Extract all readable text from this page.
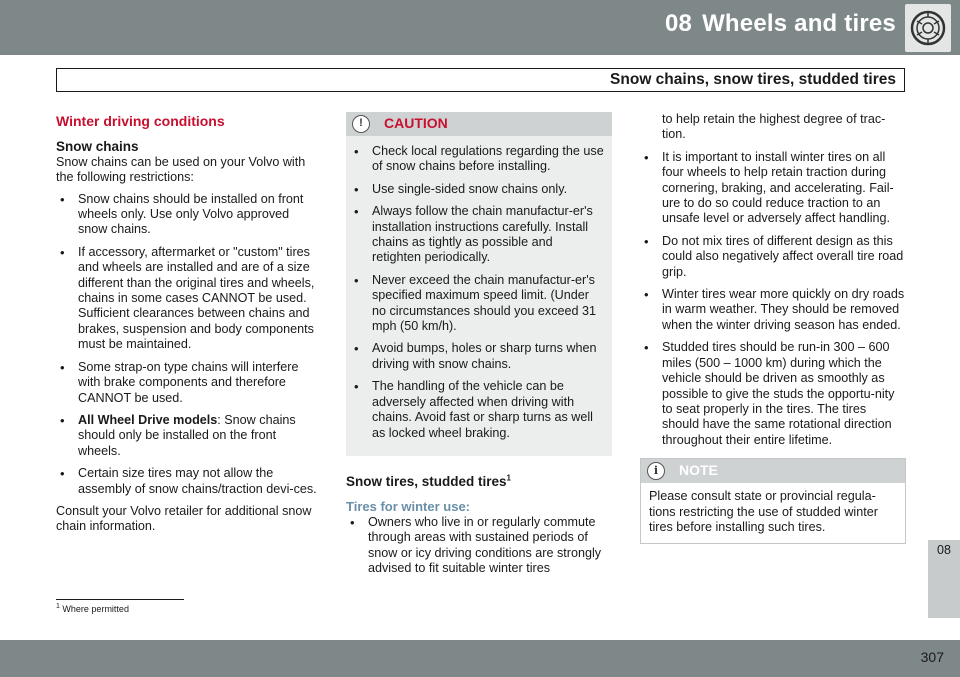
08 Wheels and tires
Snow chains, snow tires, studded tires
Winter driving conditions
Snow chains

Snow chains can be used on your Volvo with the following restrictions:

• Snow chains should be installed on front wheels only. Use only Volvo approved snow chains.
• If accessory, aftermarket or "custom" tires and wheels are installed and are of a size different than the original tires and wheels, chains in some cases CANNOT be used. Sufficient clearances between chains and brakes, suspension and body components must be maintained.
• Some strap-on type chains will interfere with brake components and therefore CANNOT be used.
• All Wheel Drive models: Snow chains should only be installed on the front wheels.
• Certain size tires may not allow the assembly of snow chains/traction devi-ces.

Consult your Volvo retailer for additional snow chain information.

!	CAUTION
• Check local regulations regarding the use of snow chains before installing.
• Use single-sided snow chains only.
• Always follow the chain manufactur-er's installation instructions carefully. Install chains as tightly as possible and retighten periodically.
• Never exceed the chain manufactur-er's specified maximum speed limit. (Under no circumstances should you exceed 31 mph (50 km/h).
• Avoid bumps, holes or sharp turns when driving with snow chains.
• The handling of the vehicle can be adversely affected when driving with chains. Avoid fast or sharp turns as well as locked wheel braking.
Snow tires, studded tires$^1$
Tires for winter use:
• Owners who live in or regularly commute through areas with sustained periods of snow or icy driving conditions are strongly advised to fit suitable winter tires
to help retain the highest degree of trac-tion.
• It is important to install winter tires on all four wheels to help retain traction during cornering, braking, and accelerating. Fail-ure to do so could reduce traction to an unsafe level or adversely affect handling.
• Do not mix tires of different design as this could also negatively affect overall tire road grip.
• Winter tires wear more quickly on dry roads in warm weather. They should be removed when the winter driving season has ended.
• Studded tires should be run-in 300 – 600 miles (500 – 1000 km) during which the vehicle should be driven as smoothly as possible to give the studs the opportu-nity to seat properly in the tires. The tires should have the same rotational direction throughout their entire lifetime.
i	NOTE
Please consult state or provincial regula-tions restricting the use of studded winter tires before installing such tires.
$^1$ Where permitted
08
307
